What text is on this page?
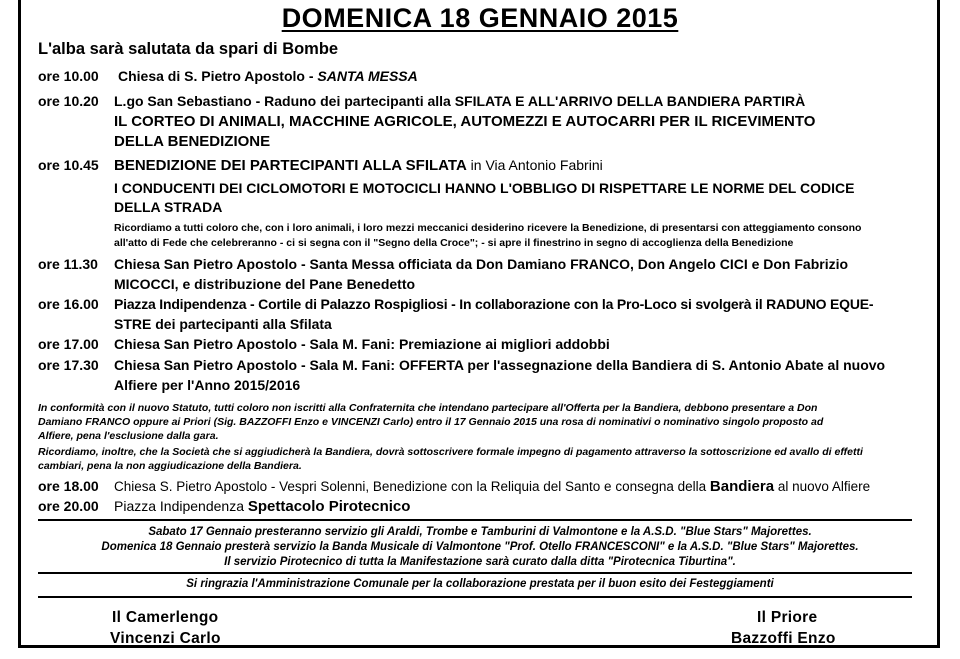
DOMENICA 18 GENNAIO 2015
L'alba sarà salutata da spari di Bombe
ore 10.00 Chiesa di S. Pietro Apostolo - SANTA MESSA
ore 10.20 L.go San Sebastiano - Raduno dei partecipanti alla SFILATA E ALL'ARRIVO DELLA BANDIERA PARTIRÀ
IL CORTEO DI ANIMALI, MACCHINE AGRICOLE, AUTOMEZZI E AUTOCARRI PER IL RICEVIMENTO
DELLA BENEDIZIONE
ore 10.45 BENEDIZIONE DEI PARTECIPANTI ALLA SFILATA in Via Antonio Fabrini
I CONDUCENTI DEI CICLOMOTORI E MOTOCICLI HANNO L'OBBLIGO DI RISPETTARE LE NORME DEL CODICE
DELLA STRADA
Ricordiamo a tutti coloro che, con i loro animali, i loro mezzi meccanici desiderino ricevere la Benedizione, di presentarsi con atteggiamento consono
all'atto di Fede che celebreranno - ci si segna con il "Segno della Croce"; - si apre il finestrino in segno di accoglienza della Benedizione
ore 11.30 Chiesa San Pietro Apostolo - Santa Messa officiata da Don Damiano FRANCO, Don Angelo CICI e Don Fabrizio
MICOCCI, e distribuzione del Pane Benedetto
ore 16.00 Piazza Indipendenza - Cortile di Palazzo Rospigliosi - In collaborazione con la Pro-Loco si svolgerà il RADUNO EQUE-
STRE dei partecipanti alla Sfilata
ore 17.00 Chiesa San Pietro Apostolo - Sala M. Fani: Premiazione ai migliori addobbi
ore 17.30 Chiesa San Pietro Apostolo - Sala M. Fani: OFFERTA per l'assegnazione della Bandiera di S. Antonio Abate al nuovo
Alfiere per l'Anno 2015/2016
In conformità con il nuovo Statuto, tutti coloro non iscritti alla Confraternita che intendano partecipare all'Offerta per la Bandiera, debbono presentare a Don
Damiano FRANCO oppure ai Priori (Sig. BAZZOFFI Enzo e VINCENZI Carlo) entro il 17 Gennaio 2015 una rosa di nominativi o nominativo singolo proposto ad
Alfiere, pena l'esclusione dalla gara.
Ricordiamo, inoltre, che la Società che si aggiudicherà la Bandiera, dovrà sottoscrivere formale impegno di pagamento attraverso la sottoscrizione ed avallo di effetti
cambiari, pena la non aggiudicazione della Bandiera.
ore 18.00 Chiesa S. Pietro Apostolo - Vespri Solenni, Benedizione con la Reliquia del Santo e consegna della Bandiera al nuovo Alfiere
ore 20.00 Piazza Indipendenza Spettacolo Pirotecnico
Sabato 17 Gennaio presteranno servizio gli Araldi, Trombe e Tamburini di Valmontone e la A.S.D. "Blue Stars" Majorettes.
Domenica 18 Gennaio presterà servizio la Banda Musicale di Valmontone "Prof. Otello FRANCESCONI" e la A.S.D. "Blue Stars" Majorettes.
Il servizio Pirotecnico di tutta la Manifestazione sarà curato dalla ditta "Pirotecnica Tiburtina".
Si ringrazia l'Amministrazione Comunale per la collaborazione prestata per il buon esito dei Festeggiamenti
Il Camerlengo
Vincenzi Carlo
Il Priore
Bazzoffi Enzo
